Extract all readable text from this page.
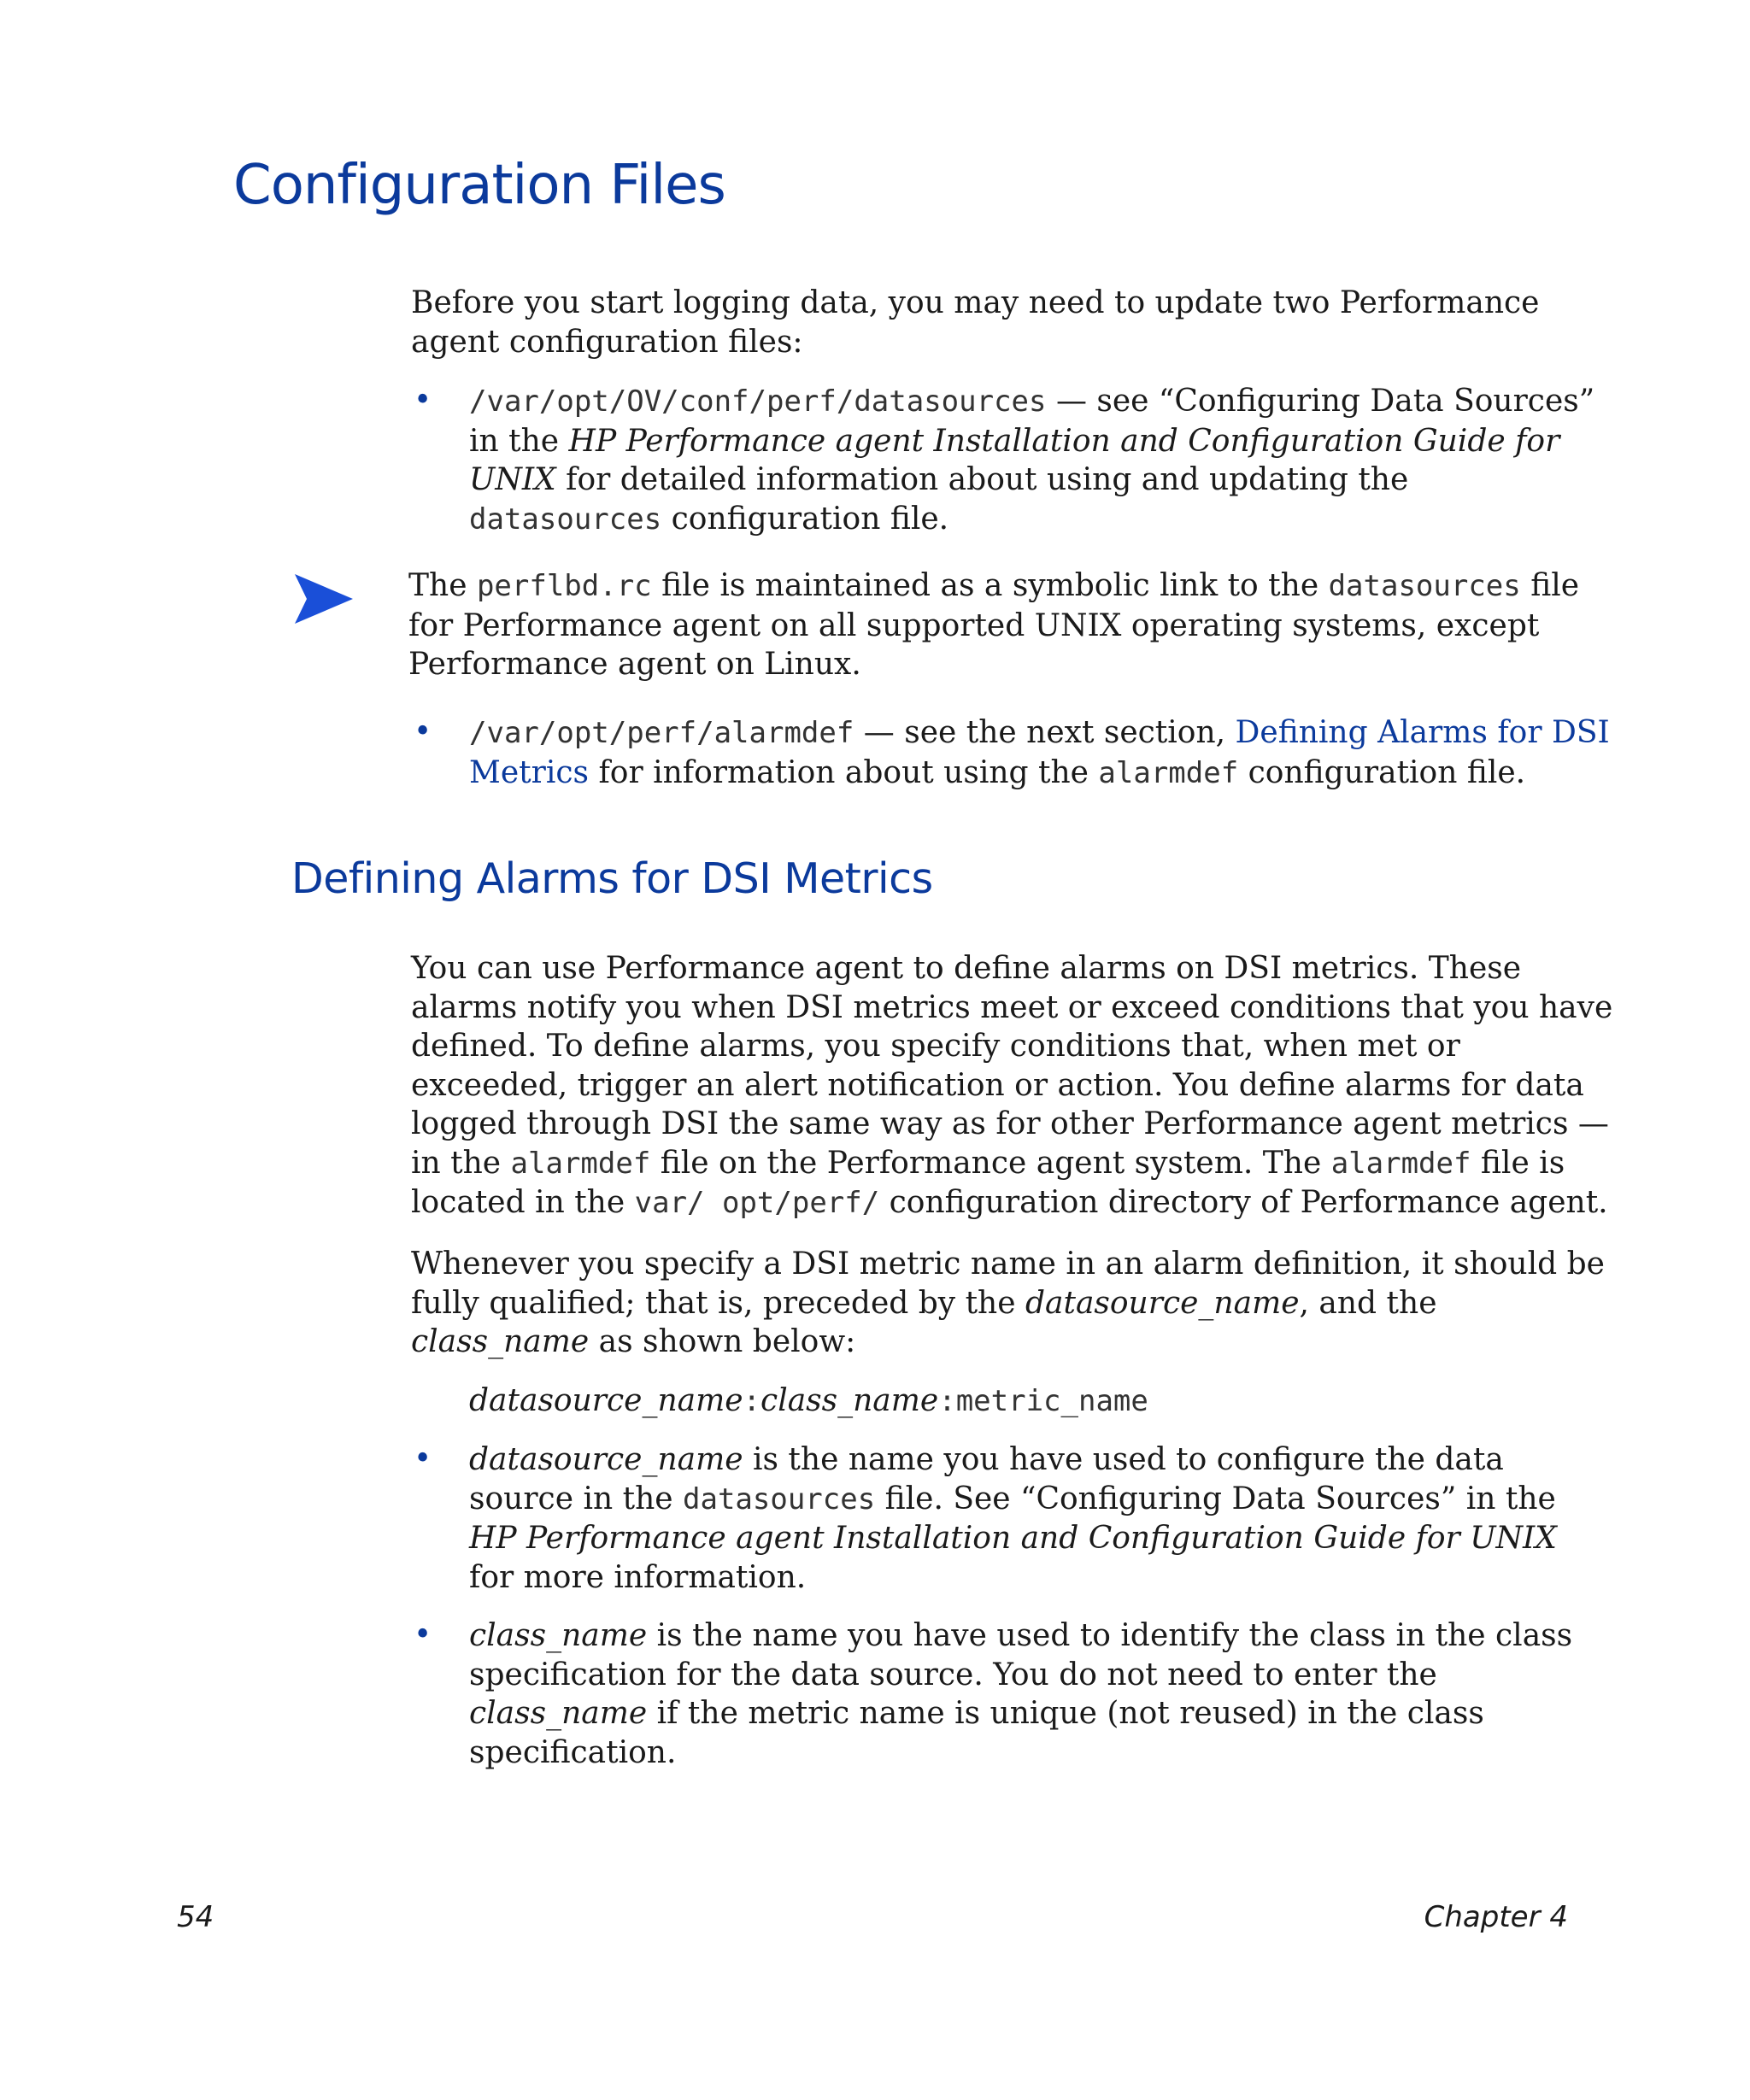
Configuration Files

Before you start logging data, you may need to update two Performance agent configuration files:

• /var/opt/OV/conf/perf/datasources — see “Configuring Data Sources” in the HP Performance agent Installation and Configuration Guide for UNIX for detailed information about using and updating the datasources configuration file.

The perflbd.rc file is maintained as a symbolic link to the datasources file for Performance agent on all supported UNIX operating systems, except Performance agent on Linux.

• /var/opt/perf/alarmdef — see the next section, Defining Alarms for DSI Metrics for information about using the alarmdef configuration file.

Defining Alarms for DSI Metrics

You can use Performance agent to define alarms on DSI metrics. These alarms notify you when DSI metrics meet or exceed conditions that you have defined. To define alarms, you specify conditions that, when met or exceeded, trigger an alert notification or action. You define alarms for data logged through DSI the same way as for other Performance agent metrics — in the alarmdef file on the Performance agent system. The alarmdef file is located in the var/ opt/perf/ configuration directory of Performance agent.

Whenever you specify a DSI metric name in an alarm definition, it should be fully qualified; that is, preceded by the datasource_name, and the class_name as shown below:

datasource_name:class_name:metric_name

• datasource_name is the name you have used to configure the data source in the datasources file. See “Configuring Data Sources” in the HP Performance agent Installation and Configuration Guide for UNIX for more information.

• class_name is the name you have used to identify the class in the class specification for the data source. You do not need to enter the class_name if the metric name is unique (not reused) in the class specification.

54	Chapter 4
